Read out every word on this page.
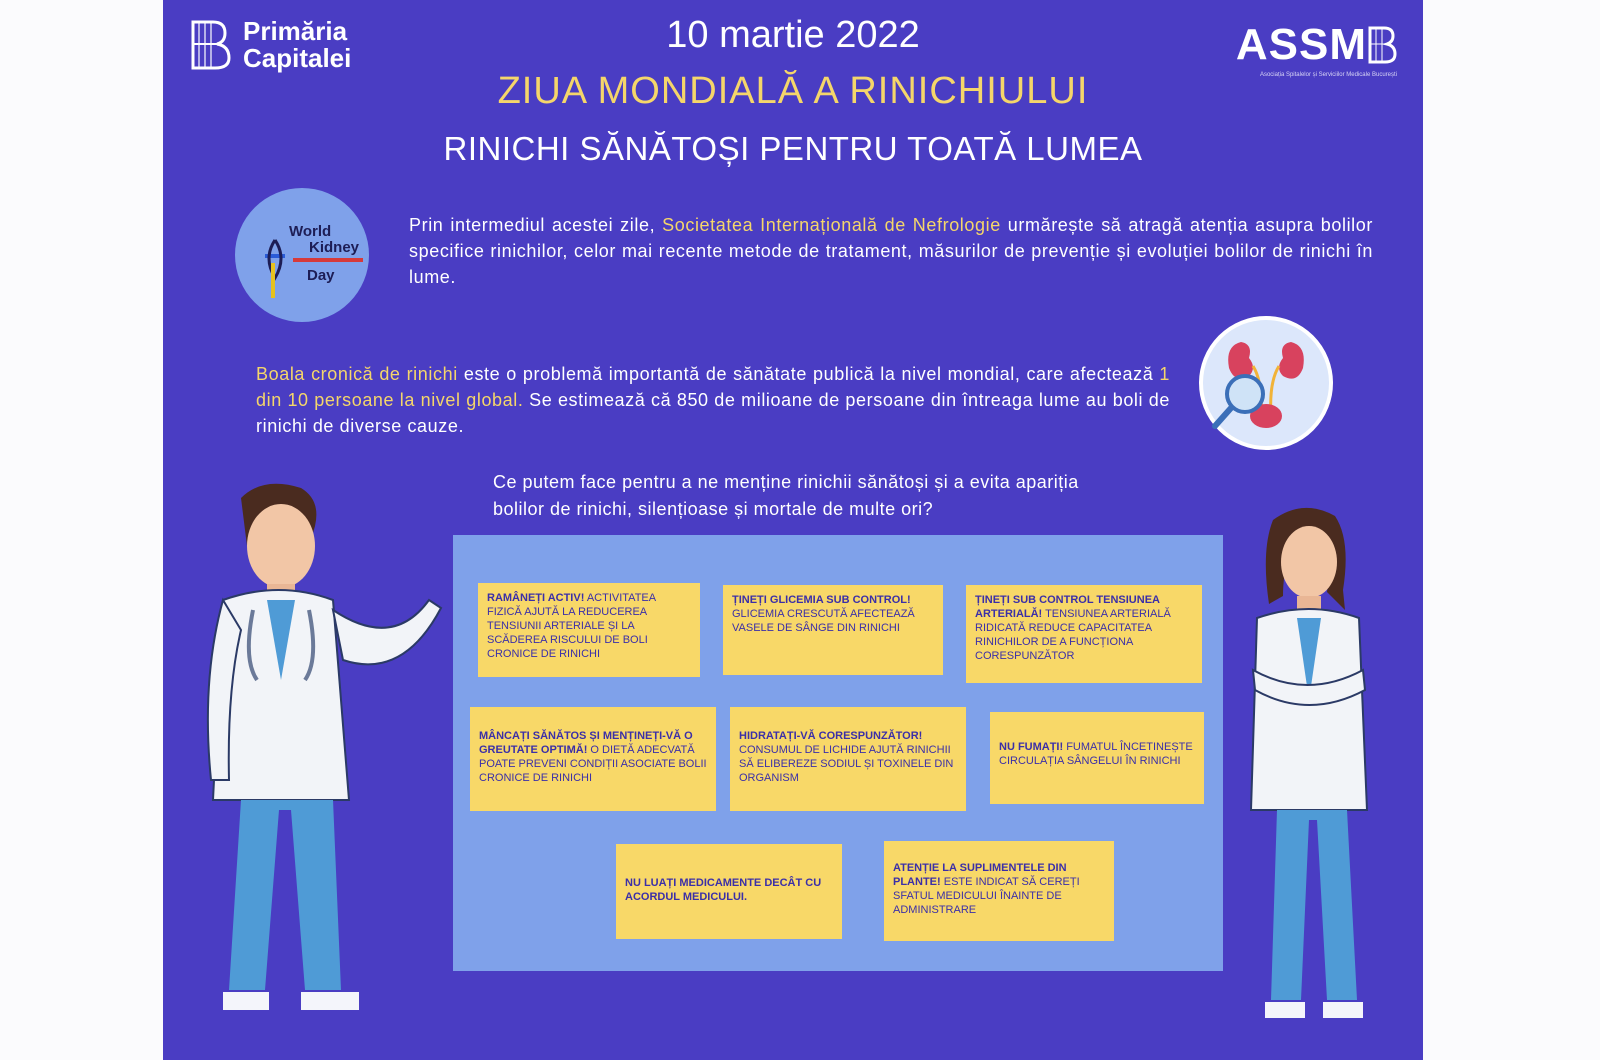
Primăria
Capitalei
10 martie 2022
ZIUA MONDIALĂ A RINICHIULUI
RINICHI SĂNĂTOȘI PENTRU TOATĂ LUMEA
ASSM
Asociația Spitalelor și Serviciilor Medicale București
World
Kidney
Day
Prin intermediul acestei zile, Societatea Internațională de Nefrologie urmărește să atragă atenția asupra bolilor specifice rinichilor, celor mai recente metode de tratament, măsurilor de prevenție și evoluției bolilor de rinichi în lume.
Boala cronică de rinichi este o problemă importantă de sănătate publică la nivel mondial, care afectează 1 din 10 persoane la nivel global. Se estimează că 850 de milioane de persoane din întreaga lume au boli de rinichi de diverse cauze.
Ce putem face pentru a ne menține rinichii sănătoși și a evita apariția bolilor de rinichi, silențioase și mortale de multe ori?
RAMÂNEȚI ACTIV! ACTIVITATEA FIZICĂ AJUTĂ LA REDUCEREA TENSIUNII ARTERIALE ȘI LA SCĂDEREA RISCULUI DE BOLI CRONICE DE RINICHI
ȚINEȚI GLICEMIA SUB CONTROL! GLICEMIA CRESCUTĂ AFECTEAZĂ VASELE DE SÂNGE DIN RINICHI
ȚINEȚI SUB CONTROL TENSIUNEA ARTERIALĂ! TENSIUNEA ARTERIALĂ RIDICATĂ REDUCE CAPACITATEA RINICHILOR DE A FUNCȚIONA CORESPUNZĂTOR
MÂNCAȚI SĂNĂTOS ȘI MENȚINEȚI-VĂ O GREUTATE OPTIMĂ! O DIETĂ ADECVATĂ POATE PREVENI CONDIȚII ASOCIATE BOLII CRONICE DE RINICHI
HIDRATAȚI-VĂ CORESPUNZĂTOR! CONSUMUL DE LICHIDE AJUTĂ RINICHII SĂ ELIBEREZE SODIUL ȘI TOXINELE DIN ORGANISM
NU FUMAȚI! FUMATUL ÎNCETINEȘTE CIRCULAȚIA SÂNGELUI ÎN RINICHI
NU LUAȚI MEDICAMENTE DECÂT CU ACORDUL MEDICULUI.
ATENȚIE LA SUPLIMENTELE DIN PLANTE! ESTE INDICAT SĂ CEREȚI SFATUL MEDICULUI ÎNAINTE DE ADMINISTRARE
